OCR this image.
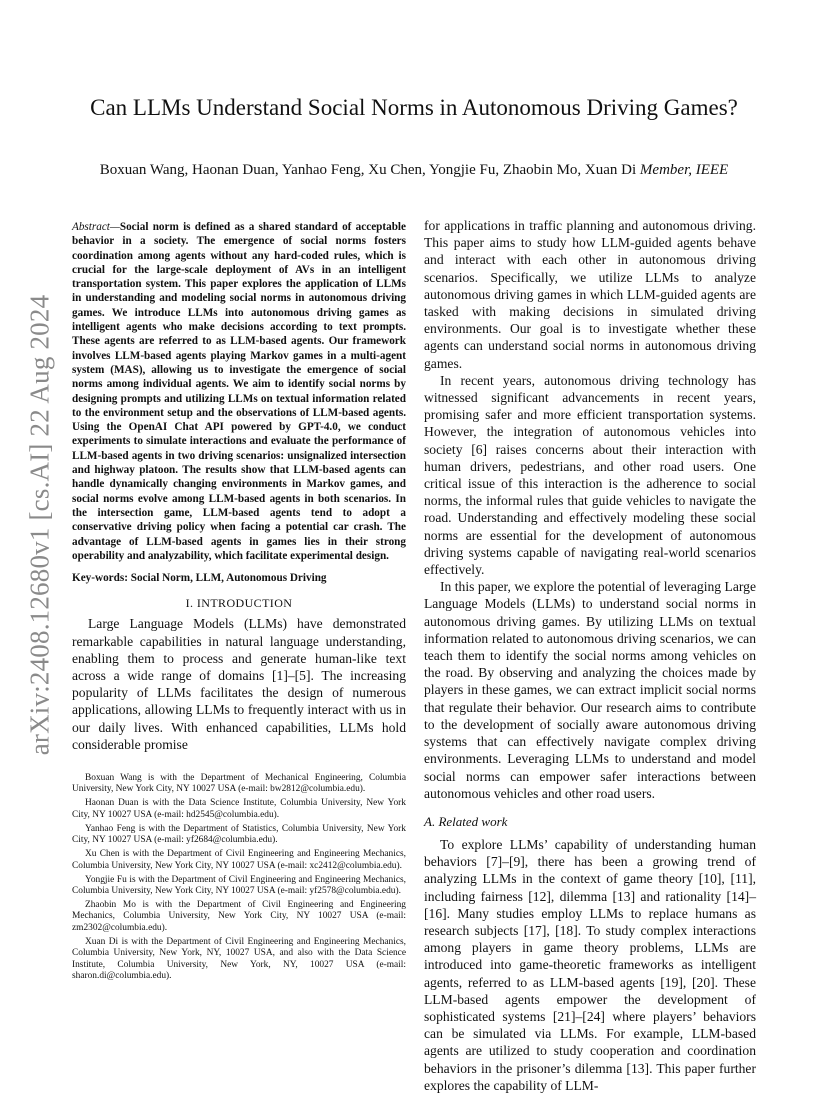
Can LLMs Understand Social Norms in Autonomous Driving Games?
Boxuan Wang, Haonan Duan, Yanhao Feng, Xu Chen, Yongjie Fu, Zhaobin Mo, Xuan Di Member, IEEE
arXiv:2408.12680v1 [cs.AI] 22 Aug 2024

Abstract—Social norm is defined as a shared standard of acceptable behavior in a society. The emergence of social norms fosters coordination among agents without any hard-coded rules, which is crucial for the large-scale deployment of AVs in an intelligent transportation system. This paper explores the application of LLMs in understanding and modeling social norms in autonomous driving games. We introduce LLMs into autonomous driving games as intelligent agents who make decisions according to text prompts. These agents are referred to as LLM-based agents. Our framework involves LLM-based agents playing Markov games in a multi-agent system (MAS), allowing us to investigate the emergence of social norms among individual agents. We aim to identify social norms by designing prompts and utilizing LLMs on textual information related to the environment setup and the observations of LLM-based agents. Using the OpenAI Chat API powered by GPT-4.0, we conduct experiments to simulate interactions and evaluate the performance of LLM-based agents in two driving scenarios: unsignalized intersection and highway platoon. The results show that LLM-based agents can handle dynamically changing environments in Markov games, and social norms evolve among LLM-based agents in both scenarios. In the intersection game, LLM-based agents tend to adopt a conservative driving policy when facing a potential car crash. The advantage of LLM-based agents in games lies in their strong operability and analyzability, which facilitate experimental design.

Key-words: Social Norm, LLM, Autonomous Driving

I. INTRODUCTION

Large Language Models (LLMs) have demonstrated remarkable capabilities in natural language understanding, enabling them to process and generate human-like text across a wide range of domains [1]–[5]. The increasing popularity of LLMs facilitates the design of numerous applications, allowing LLMs to frequently interact with us in our daily lives. With enhanced capabilities, LLMs hold considerable promise

Boxuan Wang is with the Department of Mechanical Engineering, Columbia University, New York City, NY 10027 USA (e-mail: bw2812@columbia.edu).

Haonan Duan is with the Data Science Institute, Columbia University, New York City, NY 10027 USA (e-mail: hd2545@columbia.edu).

Yanhao Feng is with the Department of Statistics, Columbia University, New York City, NY 10027 USA (e-mail: yf2684@columbia.edu).

Xu Chen is with the Department of Civil Engineering and Engineering Mechanics, Columbia University, New York City, NY 10027 USA (e-mail: xc2412@columbia.edu).

Yongjie Fu is with the Department of Civil Engineering and Engineering Mechanics, Columbia University, New York City, NY 10027 USA (e-mail: yf2578@columbia.edu).

Zhaobin Mo is with the Department of Civil Engineering and Engineering Mechanics, Columbia University, New York City, NY 10027 USA (e-mail: zm2302@columbia.edu).

Xuan Di is with the Department of Civil Engineering and Engineering Mechanics, Columbia University, New York, NY, 10027 USA, and also with the Data Science Institute, Columbia University, New York, NY, 10027 USA (e-mail: sharon.di@columbia.edu).

for applications in traffic planning and autonomous driving. This paper aims to study how LLM-guided agents behave and interact with each other in autonomous driving scenarios. Specifically, we utilize LLMs to analyze autonomous driving games in which LLM-guided agents are tasked with making decisions in simulated driving environments. Our goal is to investigate whether these agents can understand social norms in autonomous driving games.

In recent years, autonomous driving technology has witnessed significant advancements in recent years, promising safer and more efficient transportation systems. However, the integration of autonomous vehicles into society [6] raises concerns about their interaction with human drivers, pedestrians, and other road users. One critical issue of this interaction is the adherence to social norms, the informal rules that guide vehicles to navigate the road. Understanding and effectively modeling these social norms are essential for the development of autonomous driving systems capable of navigating real-world scenarios effectively.

In this paper, we explore the potential of leveraging Large Language Models (LLMs) to understand social norms in autonomous driving games. By utilizing LLMs on textual information related to autonomous driving scenarios, we can teach them to identify the social norms among vehicles on the road. By observing and analyzing the choices made by players in these games, we can extract implicit social norms that regulate their behavior. Our research aims to contribute to the development of socially aware autonomous driving systems that can effectively navigate complex driving environments. Leveraging LLMs to understand and model social norms can empower safer interactions between autonomous vehicles and other road users.

A. Related work

To explore LLMs’ capability of understanding human behaviors [7]–[9], there has been a growing trend of analyzing LLMs in the context of game theory [10], [11], including fairness [12], dilemma [13] and rationality [14]–[16]. Many studies employ LLMs to replace humans as research subjects [17], [18]. To study complex interactions among players in game theory problems, LLMs are introduced into game-theoretic frameworks as intelligent agents, referred to as LLM-based agents [19], [20]. These LLM-based agents empower the development of sophisticated systems [21]–[24] where players’ behaviors can be simulated via LLMs. For example, LLM-based agents are utilized to study cooperation and coordination behaviors in the prisoner’s dilemma [13]. This paper further explores the capability of LLM-
